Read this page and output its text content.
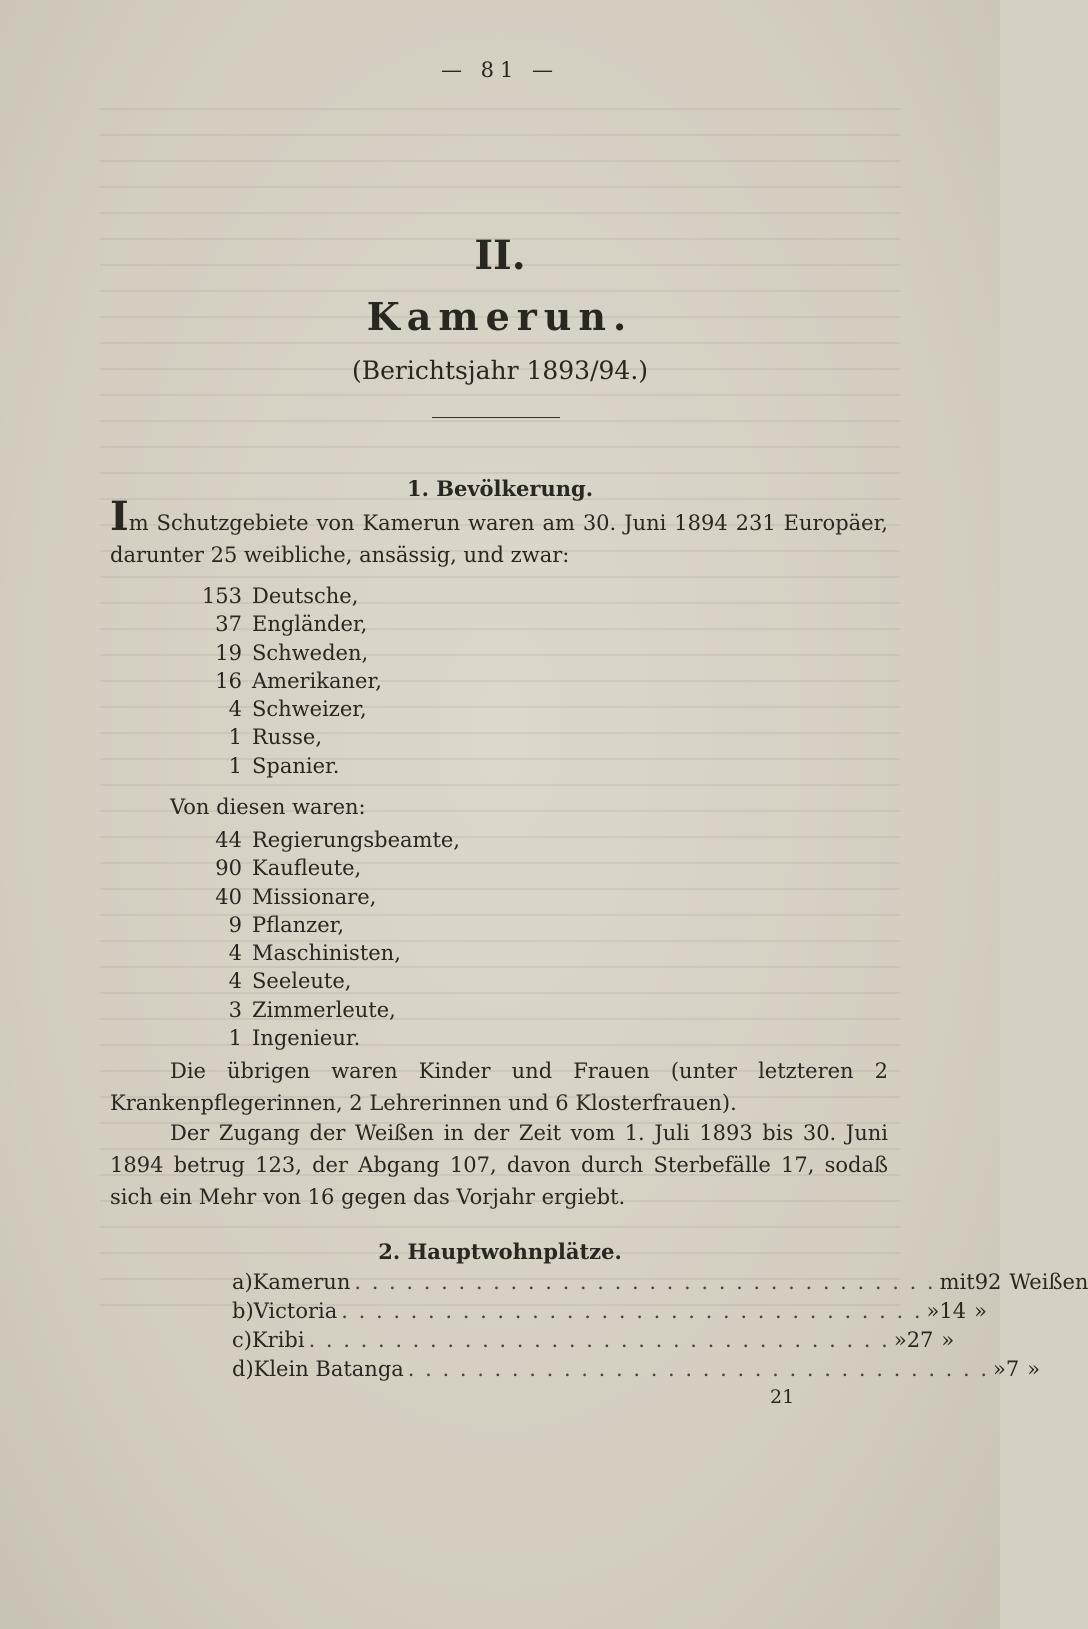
— 81 —
II.
Kamerun.
(Berichtsjahr 1893/94.)
1. Bevölkerung.
Im Schutzgebiete von Kamerun waren am 30. Juni 1894 231 Europäer, darunter 25 weibliche, ansässig, und zwar:
153 Deutsche,
37 Engländer,
19 Schweden,
16 Amerikaner,
4 Schweizer,
1 Russe,
1 Spanier.
Von diesen waren:
44 Regierungsbeamte,
90 Kaufleute,
40 Missionare,
9 Pflanzer,
4 Maschinisten,
4 Seeleute,
3 Zimmerleute,
1 Ingenieur.
Die übrigen waren Kinder und Frauen (unter letzteren 2 Krankenpflegerinnen, 2 Lehrerinnen und 6 Klosterfrauen).
Der Zugang der Weißen in der Zeit vom 1. Juli 1893 bis 30. Juni 1894 betrug 123, der Abgang 107, davon durch Sterbefälle 17, sodaß sich ein Mehr von 16 gegen das Vorjahr ergiebt.
2. Hauptwohnplätze.
a) Kamerun . . . . . . . . . . . . . . . . . . . . . . . . . . . . . . . . . . mit 92 Weißen
b) Victoria . . . . . . . . . . . . . . . . . . . . . . . . . . . . . . . . . . » 14 »
c) Kribi . . . . . . . . . . . . . . . . . . . . . . . . . . . . . . . . . . » 27 »
d) Klein Batanga . . . . . . . . . . . . . . . . . . . . . . . . . . . . . . . . . . » 7 »
21
